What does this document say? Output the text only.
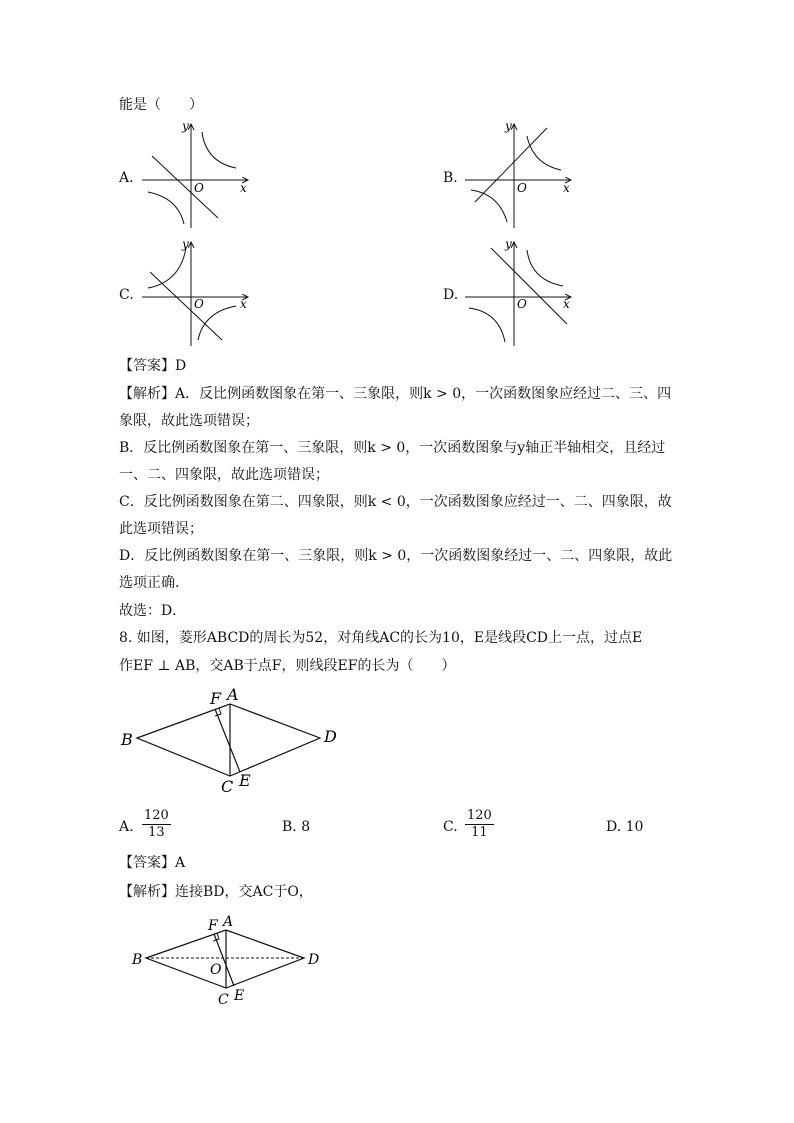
能是（　　）
A.
O	x
y
B.
O	x
y
C.
O	x
y
D.
O	x
y
【答案】D
【解析】A．反比例函数图象在第一、三象限，则k > 0，一次函数图象应经过二、三、四
象限，故此选项错误；
B．反比例函数图象在第一、三象限，则k > 0，一次函数图象与y轴正半轴相交，且经过
一、二、四象限，故此选项错误；
C．反比例函数图象在第二、四象限，则k < 0，一次函数图象应经过一、二、四象限，故
此选项错误；
D．反比例函数图象在第一、三象限，则k > 0，一次函数图象经过一、二、四象限，故此
选项正确．
故选：D．
8. 如图，菱形ABCD的周长为52，对角线AC的长为10，E是线段CD上一点，过点E
作EF ⊥ AB，交AB于点F，则线段EF的长为（　　）
A
B
C
D
E
F
A. $\frac{120}{13}$	B. 8	C. $\frac{120}{11}$	D. 10
【答案】A
【解析】连接BD，交AC于O，
A
B
C
D
E
F
O
